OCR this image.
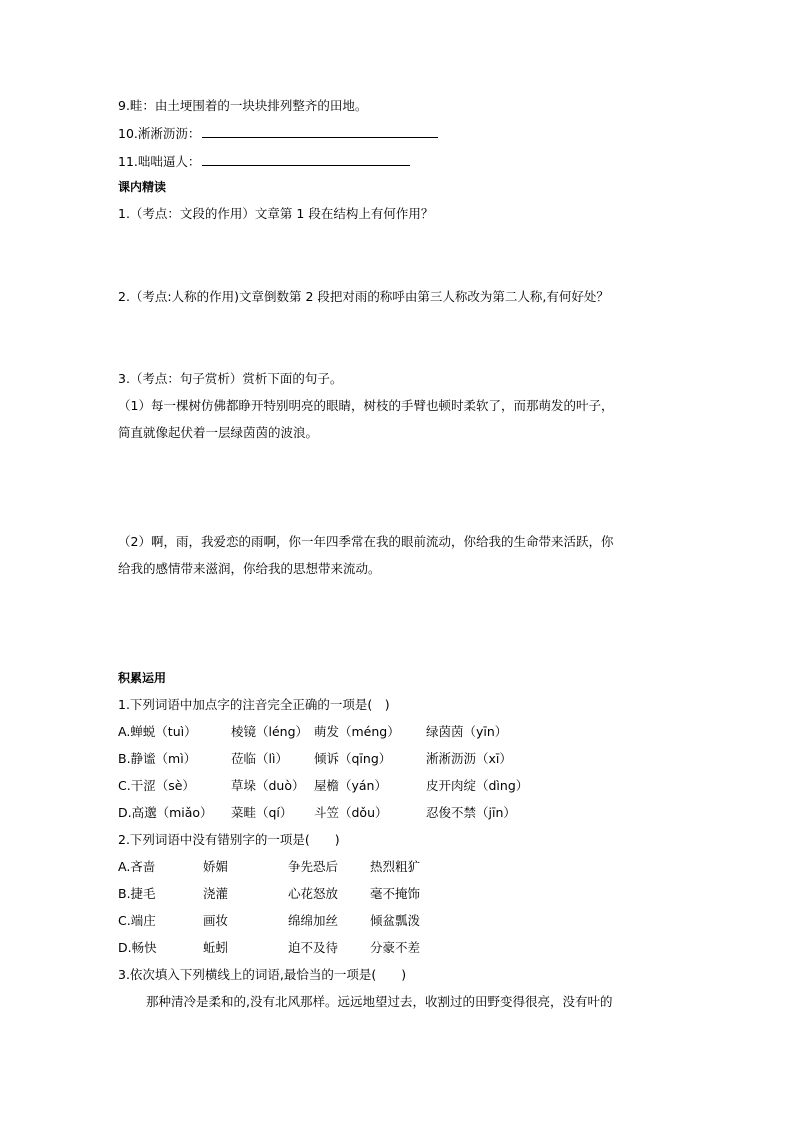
9.畦：由土埂围着的一块块排列整齐的田地。
10.淅淅沥沥：
11.咄咄逼人：
课内精读
1.（考点：文段的作用）文章第 1 段在结构上有何作用？
2.（考点:人称的作用)文章倒数第 2 段把对雨的称呼由第三人称改为第二人称,有何好处？
3.（考点：句子赏析）赏析下面的句子。
（1）每一棵树仿佛都睁开特别明亮的眼睛，树枝的手臂也顿时柔软了，而那萌发的叶子，
简直就像起伏着一层绿茵茵的波浪。
（2）啊，雨，我爱恋的雨啊，你一年四季常在我的眼前流动，你给我的生命带来活跃，你
给我的感情带来滋润，你给我的思想带来流动。
积累运用
1.下列词语中加点字的注音完全正确的一项是(　)
A.蝉蜕（tuì）	棱镜（léng） 萌发（méng） 绿茵茵（yīn）
B.静谧（mì）	莅临（lì） 倾诉（qīng）	淅淅沥沥（xī）
C.干涩（sè）	草垛（duò） 屋檐（yán）	皮开肉绽（dìng）
D.高邈（miǎo） 菜畦（qí） 斗笠（dǒu）	忍俊不禁（jīn）
2.下列词语中没有错别字的一项是(　　)
A.吝啬	娇媚	争先恐后	热烈粗犷
B.捷毛	浇灌	心花怒放	毫不掩饰
C.端庄	画妆	绵绵加丝	倾盆瓢泼
D.畅快	蚯蚓	迫不及待	分豪不差
3.依次填入下列横线上的词语,最恰当的一项是(　　)
那种清冷是柔和的,没有北风那样。远远地望过去，收割过的田野变得很亮，没有叶的
